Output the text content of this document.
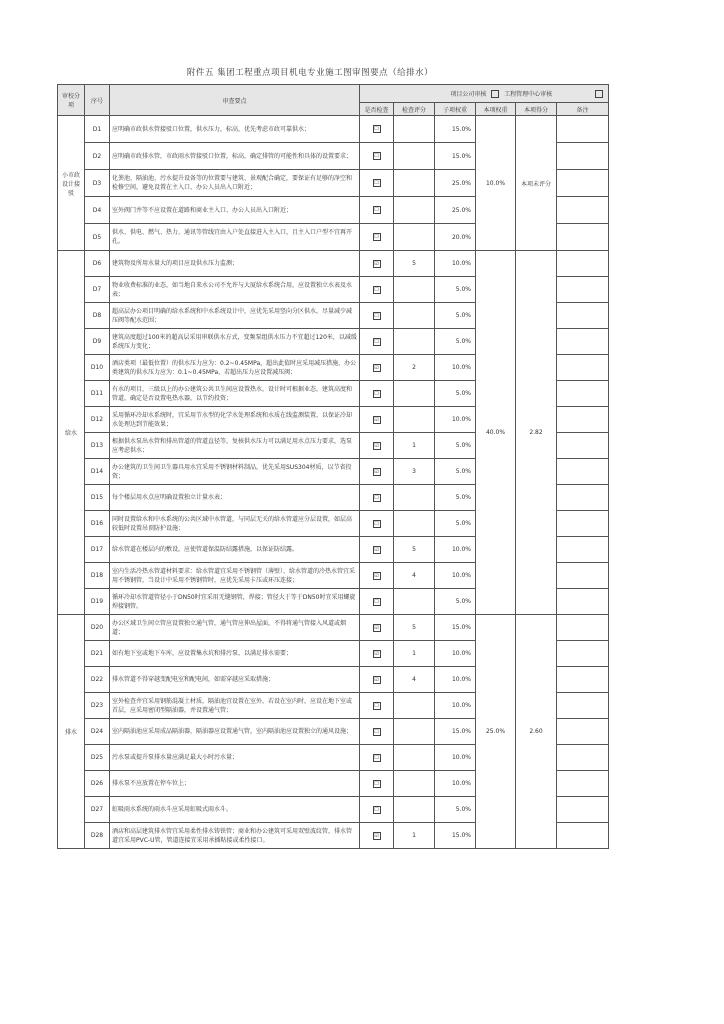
附件五 集团工程重点项目机电专业施工图审图要点（给排水）
审校分项	序号	审查要点	项目公司审核 工程管理中心审核					
			是否检查	检查评分	子项权重	本项权重	本项得分	备注
小市政设计接驳	D1	应明确市政供水管接驳口位置，供水压力，标高，优先考虑市政可靠供水；	☐		15.0%	10.0%	本项未评分	
	D2	应明确市政排水管，市政雨水管接驳口位置，标高，确定排管的可能性和具体的设置要求；	☐		15.0%			
	D3	化粪池、隔油池、污水提升设备等的位置要与建筑、景观配合确定，要保证有足够的净空和检修空间，避免设置在主入口、办公人员出入口附近；	☐		25.0%			
	D4	室外阀门井等不应设置在道路和商业主入口、办公人员出入口附近；	☐		25.0%			
	D5	供水、供电、燃气、热力、通讯等管线宜由入户处直接进入主入口，且主入口户型不宜再开孔。	☐		20.0%			
给水	D6	建筑物及所用水量大的项目应设供水压力监测；	☑	5	10.0%	40.0%	2.82	
	D7	物业收费标准的业态，如当地自来水公司不允许与大厦给水系统合用，应设置独立水表及水表；	☐		5.0%			
	D8	超高层办公项目明确的给水系统和中水系统设计中，应优先采用竖向分区供水，尽量减少减压阀等配水范围；	☐		5.0%			
	D9	建筑高度超过100米的超高层采用串联供水方式，变频泵组供水压力不宜超过120米，以减缓系统压力变化；	☐		5.0%			
	D10	酒店类项（最低位置）的供水压力应为：0.2~0.45MPa，超出此值时应采用减压措施，办公类建筑的供水压力应为：0.1~0.45MPa，若超出压力应设置减压阀；	☑	2	10.0%			
	D11	有水的项目，三级以上的办公建筑公共卫生间应设置热水，设计时可根据业态，建筑高度和管道，确定是否设置电热水器，以节约投资；	☐		5.0%			
	D12	采用循环冷却水系统时，宜采用节水型的化学水处理系统和水质在线监测装置，以保证冷却水处理达到节能效果；	☑		10.0%			
	D13	根据供水泵出水管和排出管道的管道直径等，复核供水压力可以满足用水点压力要求，选泵应考虑供水；	☑	1	5.0%			
	D14	办公建筑的卫生间卫生器具用水宜采用不锈钢材料制品，优先采用SUS304材质，以节省投资；	☑	3	5.0%			
	D15	每个楼层用水点应明确设置独立计量水表；	☐		5.0%			
	D16	同时设置给水和中水系统的公共区域中水管道，与同层无关的给水管道应分层设置，如层高较低时设置吊顶防护设施；	☐		5.0%			
	D17	给水管道在楼层内的敷设，应使管道保温防结露措施，以保证防结露。	☑	5	10.0%			
	D18	室内生活冷热水管道材料要求：给水管道宜采用不锈钢管（薄壁）、给水管道的冷热水管宜采用不锈钢管，当设计中采用不锈钢管时，应优先采用卡压或环压连接；	☑	4	10.0%			
	D19	循环冷却水管道管径小于DN50时宜采用无缝钢管，焊接；管径大于等于DN50时宜采用螺旋焊接钢管。	☐		5.0%			
排水	D20	办公区域卫生间立管应设置独立通气管，通气管应伸出屋面，不得将通气管接入风道或烟道；	☑	5	15.0%	25.0%	2.60	
	D21	如有地下室或地下车库，应设置集水坑和排污泵，以满足排水需要；	☑	1	10.0%			
	D22	排水管道不得穿越变配电室和配电间，如需穿越应采取措施；	☑	4	10.0%			
	D23	室外检查井宜采用钢筋混凝土材质，隔油池宜设置在室外，若设在室内时，应设在地下室或首层，应采用密闭型隔油器，并设置通气管；	☐		10.0%			
	D24	室内隔油池应采用成品隔油器，隔油器应设置通气管，室内隔油池应设置独立的通风设施；	☐		15.0%			
	D25	污水泵或提升泵排水量应满足最大小时污水量；	☐		10.0%			
	D26	排水泵不应放置在停车位上；	☐		10.0%			
	D27	虹吸雨水系统的雨水斗应采用虹吸式雨水斗。	☐		5.0%			
	D28	酒店和高层建筑排水管宜采用柔性排水铸铁管；商业和办公建筑可采用双壁波纹管，排水管道宜采用PVC-U管，管道连接宜采用承插粘接或柔性接口。	☑	1	15.0%			
